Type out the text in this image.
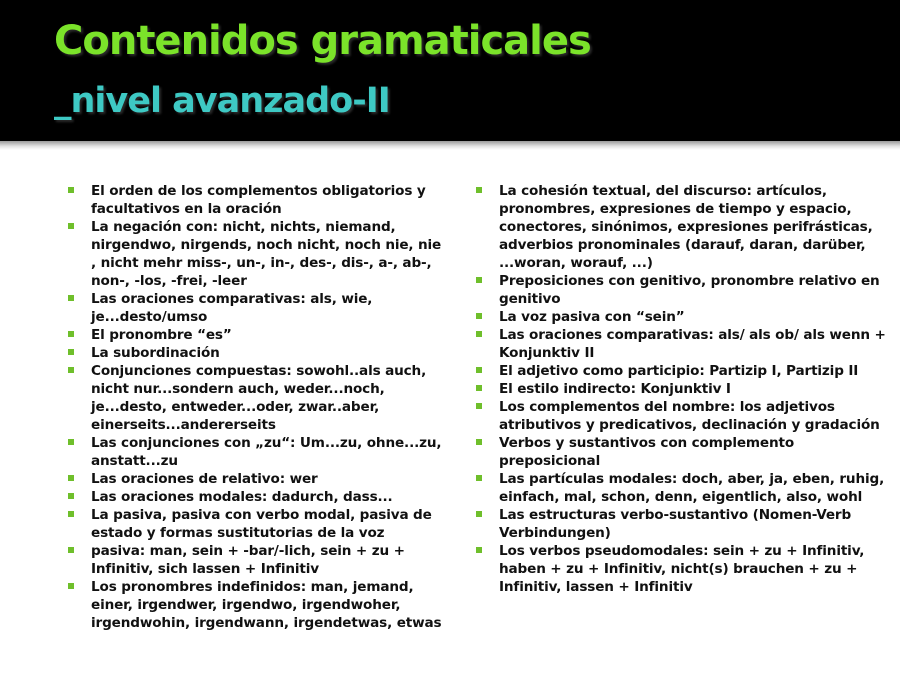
Contenidos gramaticales
_nivel avanzado-II
El orden de los complementos obligatorios y facultativos en la oración
La negación con: nicht, nichts, niemand, nirgendwo, nirgends, noch nicht, noch nie, nie , nicht mehr miss-, un-, in-, des-, dis-, a-, ab-, non-, -los, -frei, -leer
Las oraciones comparativas: als, wie, je...desto/umso
El pronombre “es”
La subordinación
Conjunciones compuestas: sowohl..als auch, nicht nur...sondern auch, weder...noch, je...desto, entweder...oder, zwar..aber, einerseits...andererseits
Las conjunciones con „zu“: Um...zu, ohne...zu, anstatt...zu
Las oraciones de relativo: wer
Las oraciones modales: dadurch, dass...
La pasiva, pasiva con verbo modal, pasiva de estado y formas sustitutorias de la voz
pasiva: man, sein + -bar/-lich, sein + zu + Infinitiv, sich lassen + Infinitiv
Los pronombres indefinidos: man, jemand, einer, irgendwer, irgendwo, irgendwoher, irgendwohin, irgendwann, irgendetwas, etwas
La cohesión textual, del discurso: artículos, pronombres, expresiones de tiempo y espacio, conectores, sinónimos, expresiones perifrásticas, adverbios pronominales (darauf, daran, darüber, ...woran, worauf, ...)
Preposiciones con genitivo, pronombre relativo en genitivo
La voz pasiva con “sein”
Las oraciones comparativas: als/ als ob/ als wenn + Konjunktiv II
El adjetivo como participio: Partizip I, Partizip II
El estilo indirecto: Konjunktiv I
Los complementos del nombre: los adjetivos atributivos y predicativos, declinación y gradación
Verbos y sustantivos con complemento preposicional
Las partículas modales: doch, aber, ja, eben, ruhig, einfach, mal, schon, denn, eigentlich, also, wohl
Las estructuras verbo-sustantivo (Nomen-Verb Verbindungen)
Los verbos pseudomodales: sein + zu + Infinitiv, haben + zu + Infinitiv, nicht(s) brauchen + zu + Infinitiv, lassen + Infinitiv
